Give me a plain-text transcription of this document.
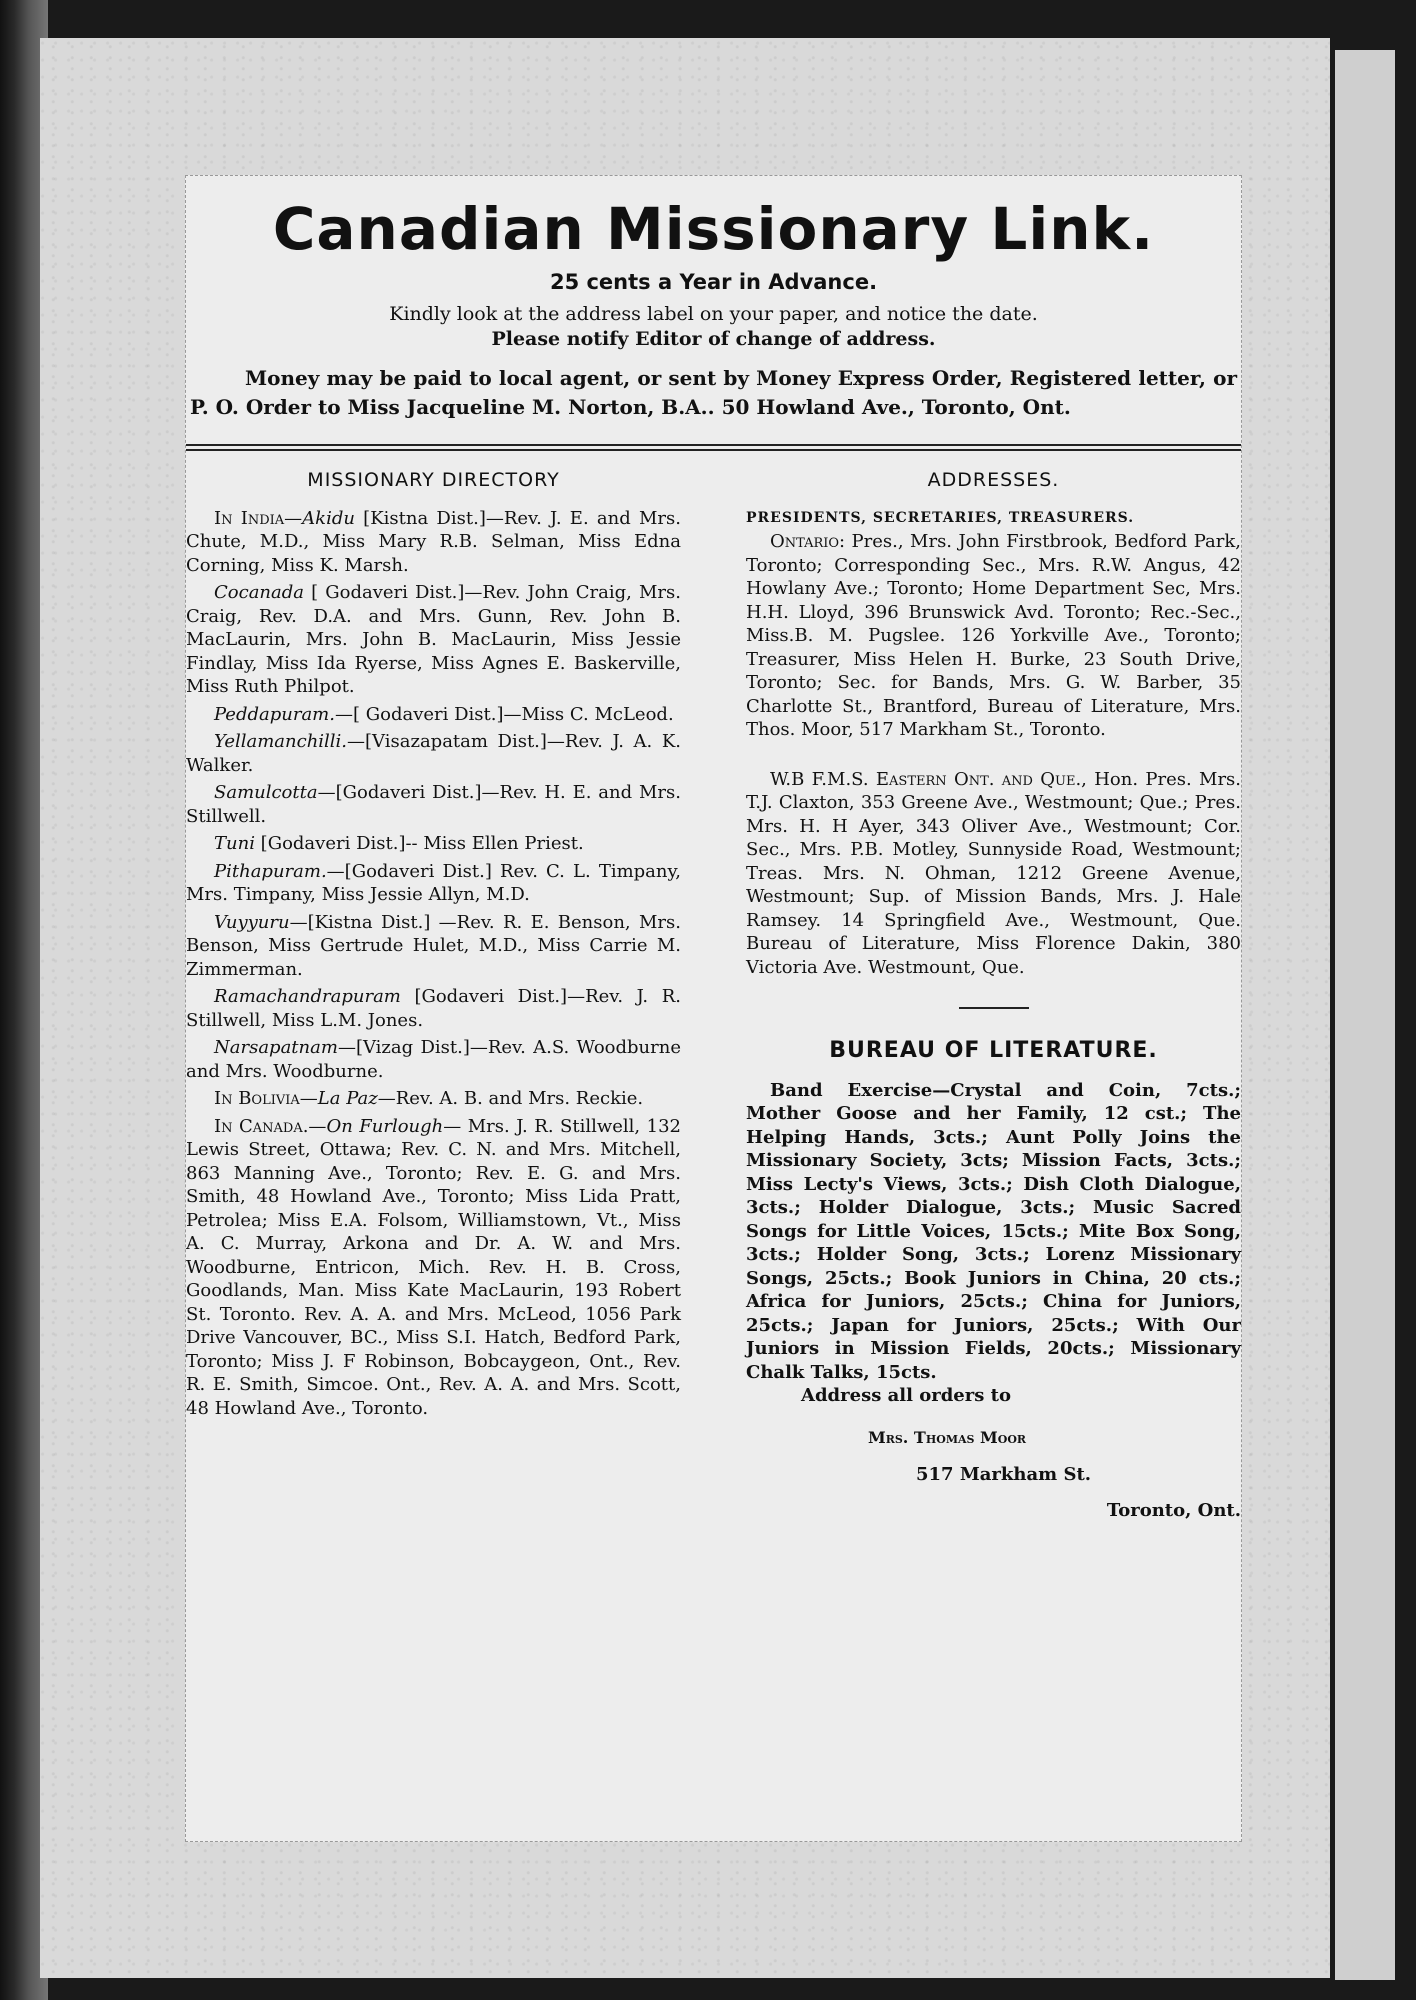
Canadian Missionary Link.
25 cents a Year in Advance.
Kindly look at the address label on your paper, and notice the date.
Please notify Editor of change of address.
Money may be paid to local agent, or sent by Money Express Order, Registered letter, or P. O. Order to Miss Jacqueline M. Norton, B.A.. 50 Howland Ave., Toronto, Ont.
MISSIONARY DIRECTORY

In India—Akidu [Kistna Dist.]—Rev. J. E. and Mrs. Chute, M.D., Miss Mary R.B. Selman, Miss Edna Corning, Miss K. Marsh.

Cocanada [ Godaveri Dist.]—Rev. John Craig, Mrs. Craig, Rev. D.A. and Mrs. Gunn, Rev. John B. MacLaurin, Mrs. John B. MacLaurin, Miss Jessie Findlay, Miss Ida Ryerse, Miss Agnes E. Baskerville, Miss Ruth Philpot.

Peddapuram.—[ Godaveri Dist.]—Miss C. McLeod.

Yellamanchilli.—[Visazapatam Dist.]—Rev. J. A. K. Walker.

Samulcotta—[Godaveri Dist.]—Rev. H. E. and Mrs. Stillwell.

Tuni [Godaveri Dist.]-- Miss Ellen Priest.

Pithapuram.—[Godaveri Dist.] Rev. C. L. Timpany, Mrs. Timpany, Miss Jessie Allyn, M.D.

Vuyyuru—[Kistna Dist.] —Rev. R. E. Benson, Mrs. Benson, Miss Gertrude Hulet, M.D., Miss Carrie M. Zimmerman.

Ramachandrapuram [Godaveri Dist.]—Rev. J. R. Stillwell, Miss L.M. Jones.

Narsapatnam—[Vizag Dist.]—Rev. A.S. Woodburne and Mrs. Woodburne.

In Bolivia—La Paz—Rev. A. B. and Mrs. Reckie.

In Canada.—On Furlough— Mrs. J. R. Stillwell, 132 Lewis Street, Ottawa; Rev. C. N. and Mrs. Mitchell, 863 Manning Ave., Toronto; Rev. E. G. and Mrs. Smith, 48 Howland Ave., Toronto; Miss Lida Pratt, Petrolea; Miss E.A. Folsom, Williamstown, Vt., Miss A. C. Murray, Arkona and Dr. A. W. and Mrs. Woodburne, Entricon, Mich. Rev. H. B. Cross, Goodlands, Man. Miss Kate MacLaurin, 193 Robert St. Toronto. Rev. A. A. and Mrs. McLeod, 1056 Park Drive Vancouver, BC., Miss S.I. Hatch, Bedford Park, Toronto; Miss J. F Robinson, Bobcaygeon, Ont., Rev. R. E. Smith, Simcoe. Ont., Rev. A. A. and Mrs. Scott, 48 Howland Ave., Toronto.

ADDRESSES.
PRESIDENTS, SECRETARIES, TREASURERS.

Ontario: Pres., Mrs. John Firstbrook, Bedford Park, Toronto; Corresponding Sec., Mrs. R.W. Angus, 42 Howlany Ave.; Toronto; Home Department Sec, Mrs. H.H. Lloyd, 396 Brunswick Avd. Toronto; Rec.-Sec., Miss.B. M. Pugslee. 126 Yorkville Ave., Toronto; Treasurer, Miss Helen H. Burke, 23 South Drive, Toronto; Sec. for Bands, Mrs. G. W. Barber, 35 Charlotte St., Brantford, Bureau of Literature, Mrs. Thos. Moor, 517 Markham St., Toronto.

W.B F.M.S. Eastern Ont. and Que., Hon. Pres. Mrs. T.J. Claxton, 353 Greene Ave., Westmount; Que.; Pres. Mrs. H. H Ayer, 343 Oliver Ave., Westmount; Cor. Sec., Mrs. P.B. Motley, Sunnyside Road, Westmount; Treas. Mrs. N. Ohman, 1212 Greene Avenue, Westmount; Sup. of Mission Bands, Mrs. J. Hale Ramsey. 14 Springfield Ave., Westmount, Que. Bureau of Literature, Miss Florence Dakin, 380 Victoria Ave. Westmount, Que.

BUREAU OF LITERATURE.

Band Exercise—Crystal and Coin, 7cts.; Mother Goose and her Family, 12 cst.; The Helping Hands, 3cts.; Aunt Polly Joins the Missionary Society, 3cts; Mission Facts, 3cts.; Miss Lecty's Views, 3cts.; Dish Cloth Dialogue, 3cts.; Holder Dialogue, 3cts.; Music Sacred Songs for Little Voices, 15cts.; Mite Box Song, 3cts.; Holder Song, 3cts.; Lorenz Missionary Songs, 25cts.; Book Juniors in China, 20 cts.; Africa for Juniors, 25cts.; China for Juniors, 25cts.; Japan for Juniors, 25cts.; With Our Juniors in Mission Fields, 20cts.; Missionary Chalk Talks, 15cts.

Address all orders to

Mrs. Thomas Moor
517 Markham St.
Toronto, Ont.
